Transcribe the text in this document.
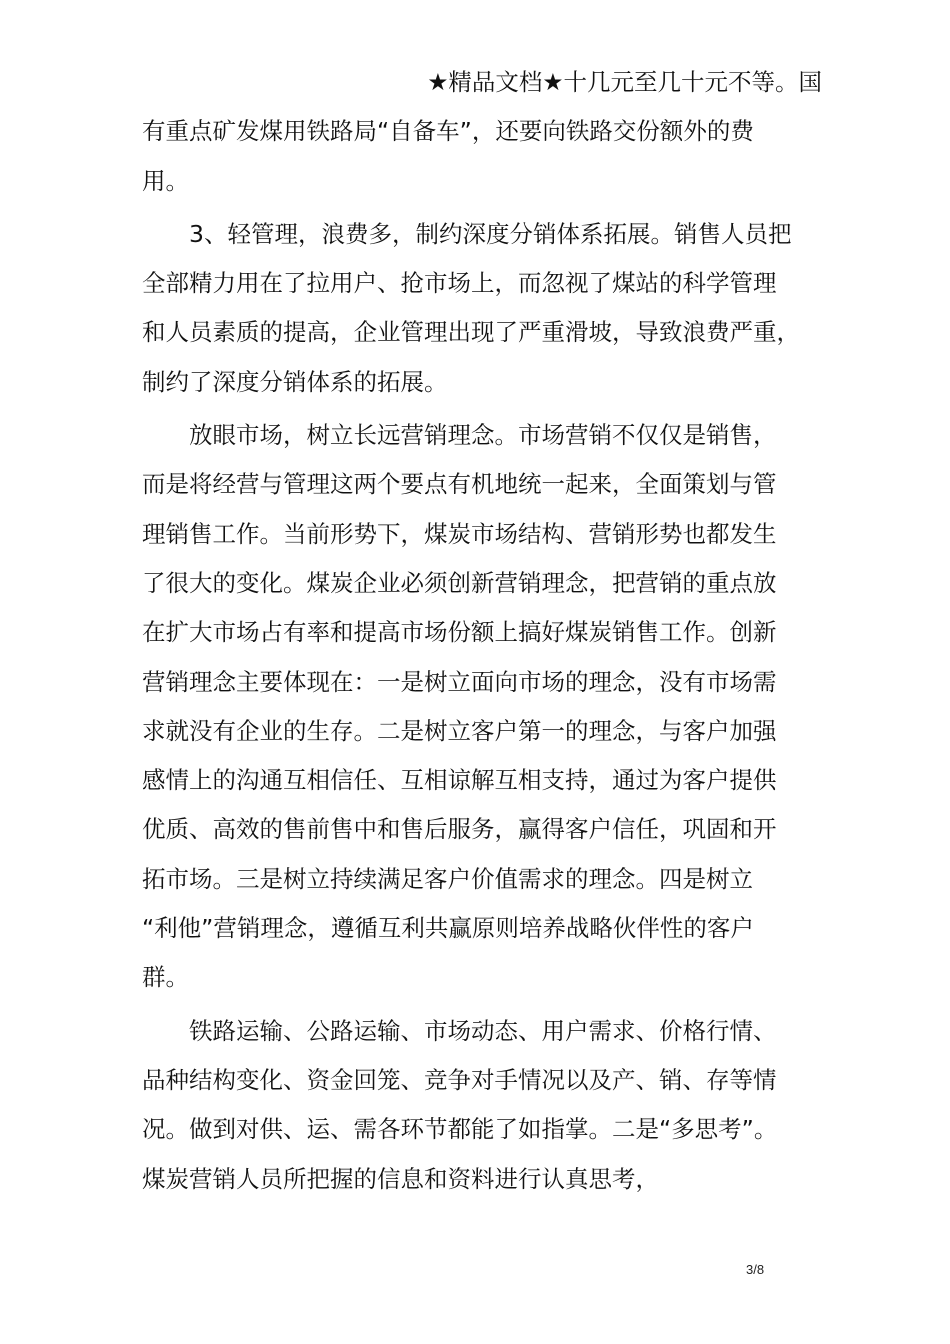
★精品文档★十几元至几十元不等。国
有重点矿发煤用铁路局“自备车”，还要向铁路交份额外的费
用。
　　3、轻管理，浪费多，制约深度分销体系拓展。销售人员把
全部精力用在了拉用户、抢市场上，而忽视了煤站的科学管理
和人员素质的提高，企业管理出现了严重滑坡，导致浪费严重，
制约了深度分销体系的拓展。
　　放眼市场，树立长远营销理念。市场营销不仅仅是销售，
而是将经营与管理这两个要点有机地统一起来，全面策划与管
理销售工作。当前形势下，煤炭市场结构、营销形势也都发生
了很大的变化。煤炭企业必须创新营销理念，把营销的重点放
在扩大市场占有率和提高市场份额上搞好煤炭销售工作。创新
营销理念主要体现在：一是树立面向市场的理念，没有市场需
求就没有企业的生存。二是树立客户第一的理念，与客户加强
感情上的沟通互相信任、互相谅解互相支持，通过为客户提供
优质、高效的售前售中和售后服务，赢得客户信任，巩固和开
拓市场。三是树立持续满足客户价值需求的理念。四是树立
“利他”营销理念，遵循互利共赢原则培养战略伙伴性的客户
群。
　　铁路运输、公路运输、市场动态、用户需求、价格行情、
品种结构变化、资金回笼、竞争对手情况以及产、销、存等情
况。做到对供、运、需各环节都能了如指掌。二是“多思考”。
煤炭营销人员所把握的信息和资料进行认真思考，
3/8
